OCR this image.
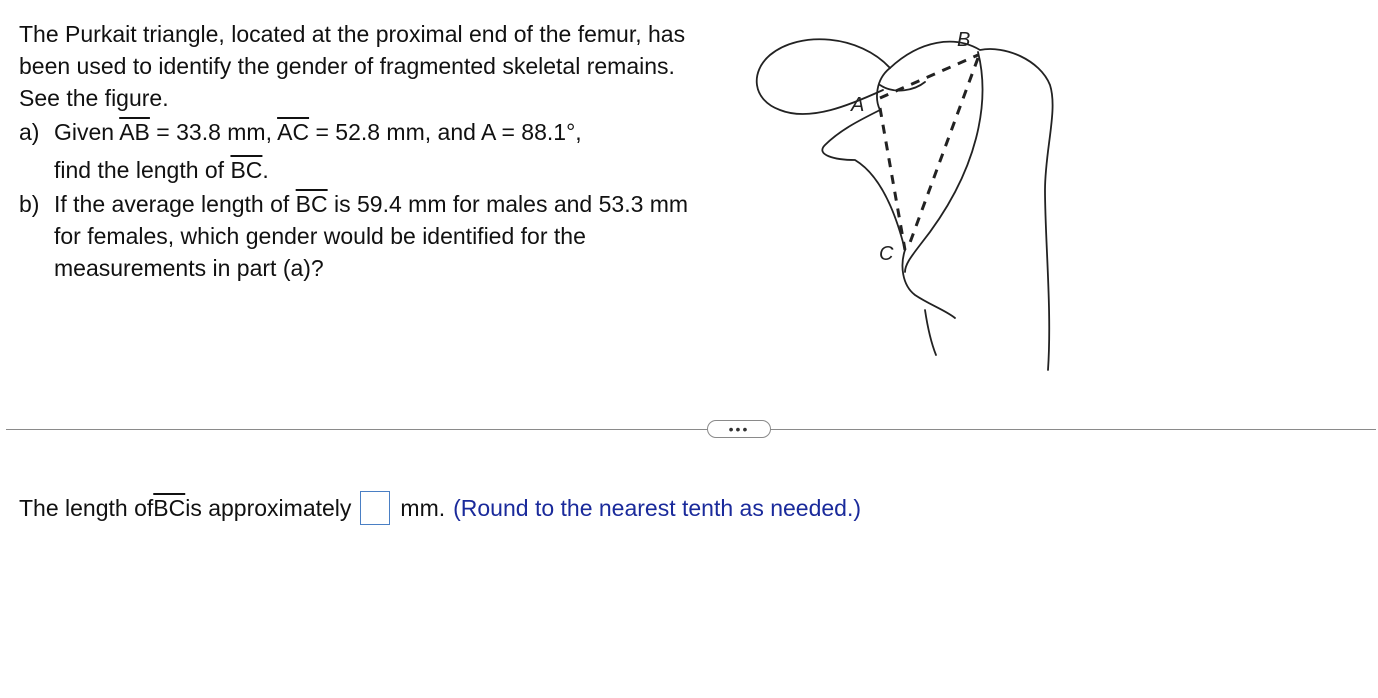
The Purkait triangle, located at the proximal end of the femur, has been used to identify the gender of fragmented skeletal remains. See the figure.

a) Given $\overline{AB} = 33.8$ mm, $\overline{AC} = 52.8$ mm, and A = 88.1°,
find the length of $\overline{BC}$.
b) If the average length of $\overline{BC}$ is 59.4 mm for males and 53.3 mm for females, which gender would be identified for the measurements in part (a)?
A
B
C
•••
The length of $\overline{BC}$ is approximately mm. (Round to the nearest tenth as needed.)
